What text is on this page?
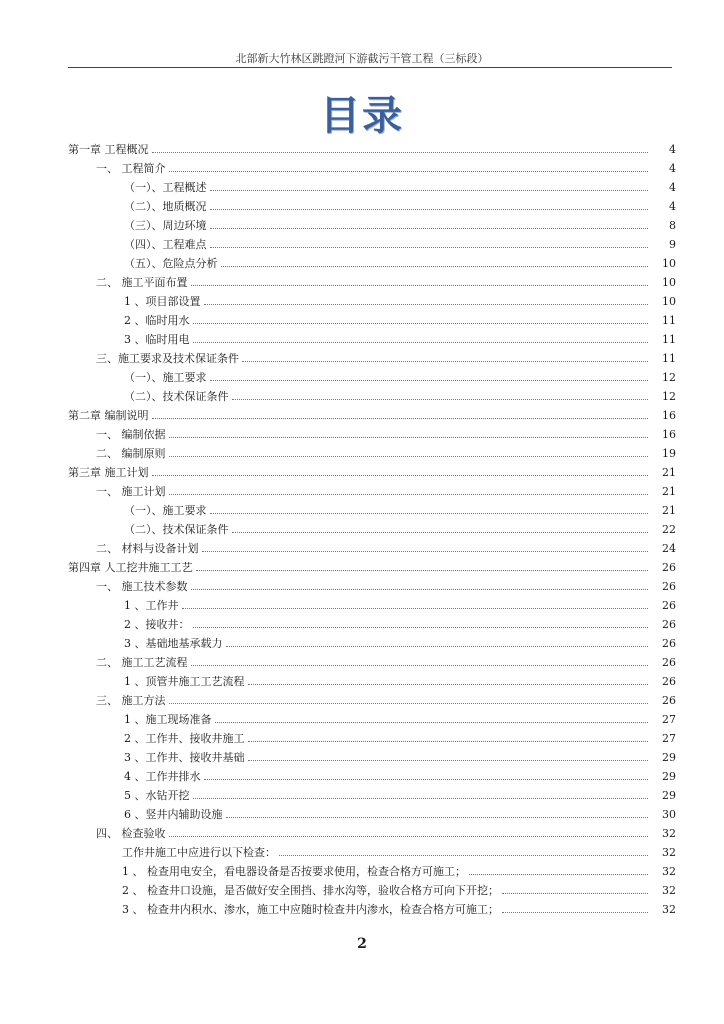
北部新大竹林区跳蹬河下游截污干管工程（三标段）
目录
第一章 工程概况	4
一、 工程简介	4
（一）、工程概述	4
（二）、地质概况	4
（三）、周边环境	8
（四）、工程难点	9
（五）、危险点分析	10
二、 施工平面布置	10
1 、项目部设置	10
2 、临时用水	11
3 、临时用电	11
三、施工要求及技术保证条件	11
（一）、施工要求	12
（二）、技术保证条件	12
第二章 编制说明	16
一、 编制依据	16
二、 编制原则	19
第三章 施工计划	21
一、 施工计划	21
（一）、施工要求	21
（二）、技术保证条件	22
二、 材料与设备计划	24
第四章 人工挖井施工工艺	26
一、 施工技术参数	26
1 、工作井	26
2 、接收井：	26
3 、基础地基承载力	26
二、 施工工艺流程	26
1 、顶管井施工工艺流程	26
三、 施工方法	26
1 、施工现场准备	27
2 、工作井、接收井施工	27
3 、工作井、接收井基础	29
4 、工作井排水	29
5 、水钻开挖	29
6 、竖井内辅助设施	30
四、 检查验收	32
工作井施工中应进行以下检查：	32
1 、 检查用电安全，看电器设备是否按要求使用，检查合格方可施工；	32
2 、 检查井口设施，是否做好安全围挡、排水沟等，验收合格方可向下开挖；	32
3 、 检查井内积水、渗水，施工中应随时检查井内渗水，检查合格方可施工；	32
2
